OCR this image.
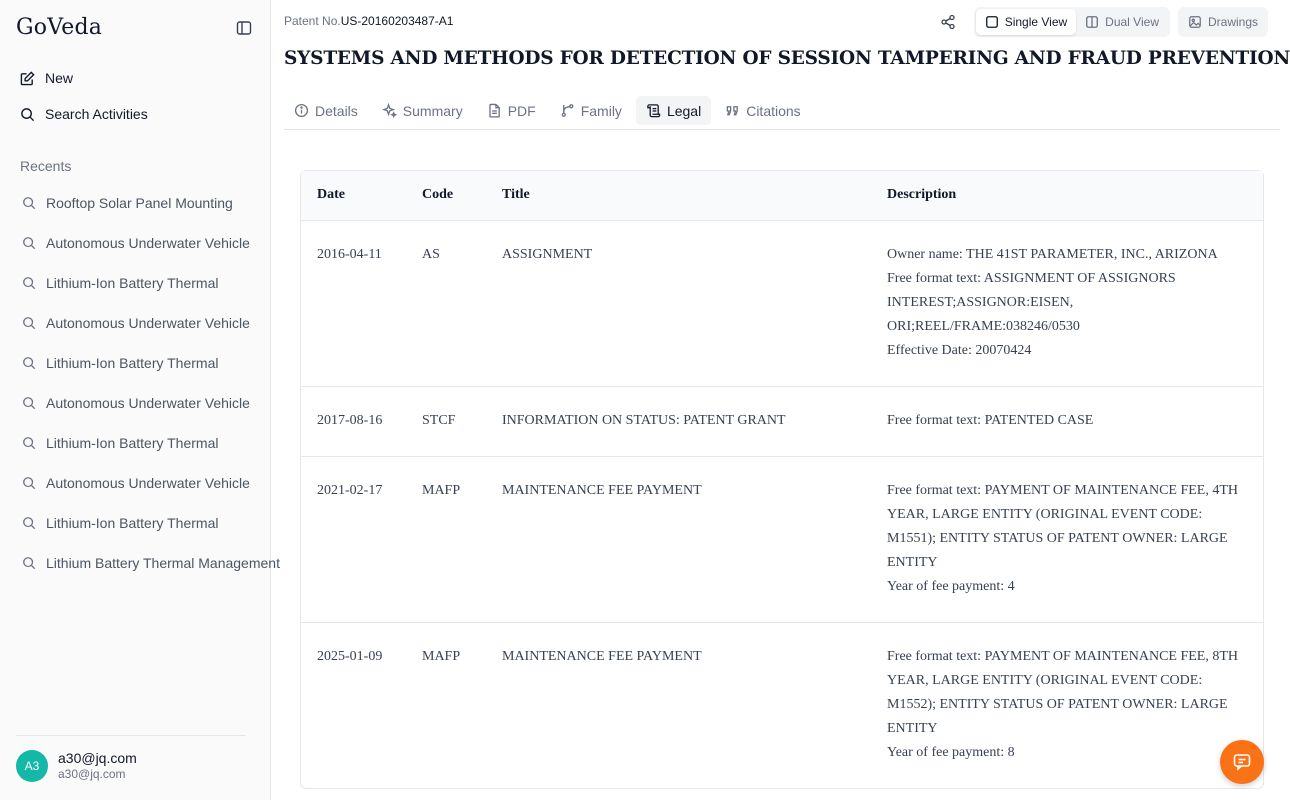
GoVeda
New
Search Activities
Recents
Rooftop Solar Panel Mounting
Autonomous Underwater Vehicle
Lithium-Ion Battery Thermal
Autonomous Underwater Vehicle
Lithium-Ion Battery Thermal
Autonomous Underwater Vehicle
Lithium-Ion Battery Thermal
Autonomous Underwater Vehicle
Lithium-Ion Battery Thermal
Lithium Battery Thermal Management
A3	a30@jq.com
a30@jq.com
Patent No.US-20160203487-A1	Single View	Dual View	Drawings
SYSTEMS AND METHODS FOR DETECTION OF SESSION TAMPERING AND FRAUD PREVENTION
Details	Summary	PDF	Family	Legal	Citations
Date	Code	Title	Description
2016-04-11	AS	ASSIGNMENT	Owner name: THE 41ST PARAMETER, INC., ARIZONA
Free format text: ASSIGNMENT OF ASSIGNORS INTEREST;ASSIGNOR:EISEN, ORI;REEL/FRAME:038246/0530
Effective Date: 20070424

2017-08-16	STCF	INFORMATION ON STATUS: PATENT GRANT	Free format text: PATENTED CASE

2021-02-17	MAFP	MAINTENANCE FEE PAYMENT	Free format text: PAYMENT OF MAINTENANCE FEE, 4TH YEAR, LARGE ENTITY (ORIGINAL EVENT CODE: M1551); ENTITY STATUS OF PATENT OWNER: LARGE ENTITY
Year of fee payment: 4

2025-01-09	MAFP	MAINTENANCE FEE PAYMENT	Free format text: PAYMENT OF MAINTENANCE FEE, 8TH YEAR, LARGE ENTITY (ORIGINAL EVENT CODE: M1552); ENTITY STATUS OF PATENT OWNER: LARGE ENTITY
Year of fee payment: 8
